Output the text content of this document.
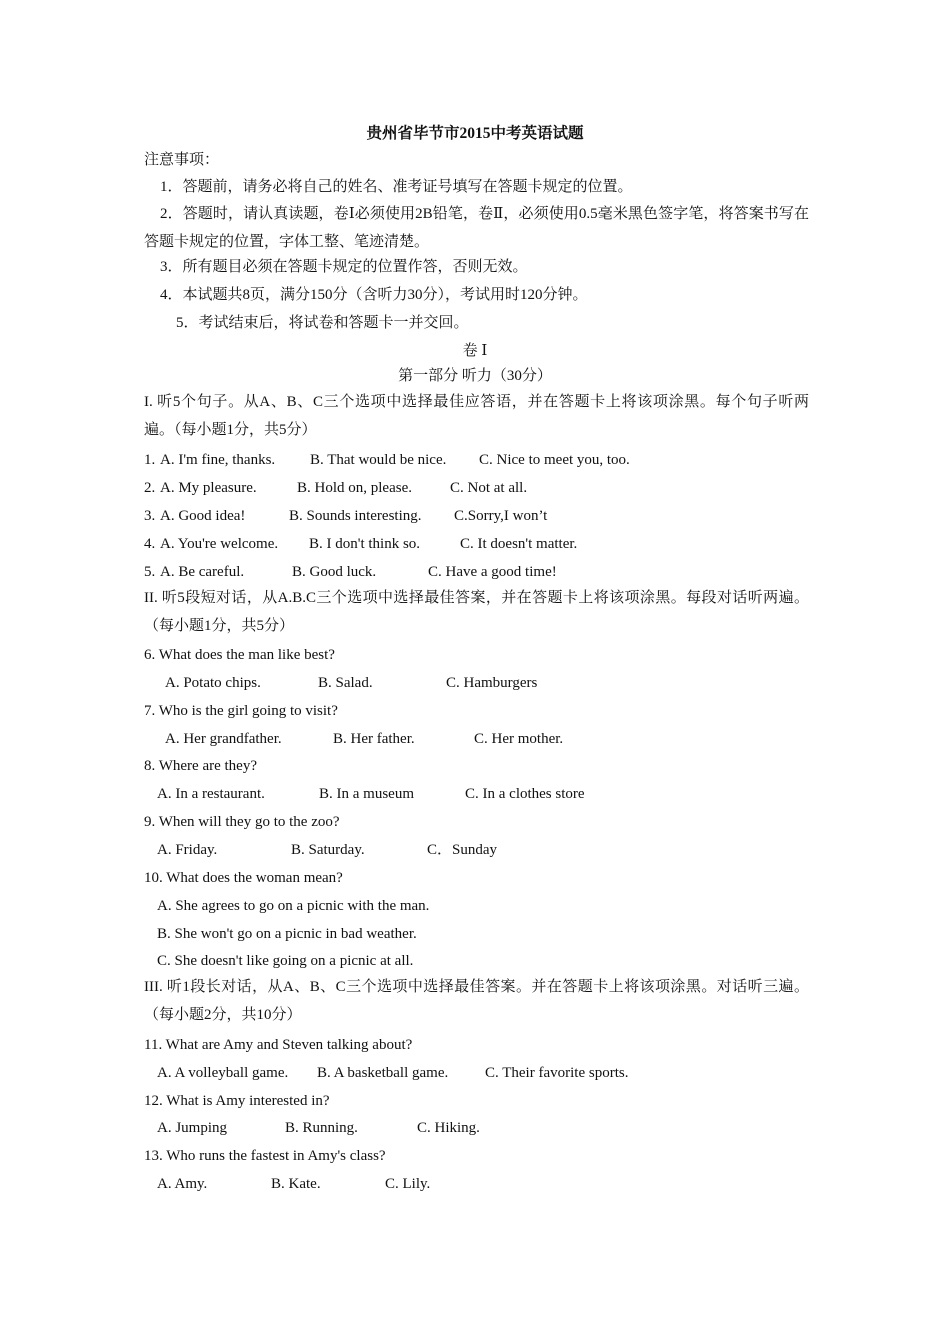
贵州省毕节市2015中考英语试题
注意事项：
1．答题前，请务必将自己的姓名、准考证号填写在答题卡规定的位置。
2．答题时，请认真读题，卷Ⅰ必须使用2B铅笔，卷Ⅱ，必须使用0.5毫米黑色签字笔，将答案书写在答题卡规定的位置，字体工整、笔迹清楚。
3．所有题目必须在答题卡规定的位置作答，否则无效。
4．本试题共8页，满分150分（含听力30分），考试用时120分钟。
5．考试结束后，将试卷和答题卡一并交回。
卷 Ⅰ
第一部分 听力（30分）
I. 听5个句子。从A、B、C三个选项中选择最佳应答语，并在答题卡上将该项涂黑。每个句子听两遍。（每小题1分，共5分）
1. A. I'm fine, thanks. B. That would be nice. C. Nice to meet you, too.
2. A. My pleasure.	B. Hold on, please.	C. Not at all.
3. A. Good idea!	B. Sounds interesting. C.Sorry,I won’t
4. A. You're welcome. B. I don't think so.	C. It doesn't matter.
5. A. Be careful.	B. Good luck.	C. Have a good time!
II. 听5段短对话，从A.B.C三个选项中选择最佳答案，并在答题卡上将该项涂黑。每段对话听两遍。（每小题1分，共5分）
6. What does the man like best?
A. Potato chips.	B. Salad.	C. Hamburgers
7. Who is the girl going to visit?
A. Her grandfather.	B. Her father.	C. Her mother.
8. Where are they?
A. In a restaurant.	B. In a museum	C. In a clothes store
9. When will they go to the zoo?
A. Friday.	B. Saturday.	C．Sunday
10. What does the woman mean?
A. She agrees to go on a picnic with the man.
B. She won't go on a picnic in bad weather.
C. She doesn't like going on a picnic at all.
III. 听1段长对话，从A、B、C三个选项中选择最佳答案。并在答题卡上将该项涂黑。对话听三遍。（每小题2分，共10分）
11. What are Amy and Steven talking about?
A. A volleyball game. B. A basketball game. C. Their favorite sports.
12. What is Amy interested in?
A. Jumping	B. Running.	C. Hiking.
13. Who runs the fastest in Amy's class?
A. Amy.	B. Kate.	C. Lily.
